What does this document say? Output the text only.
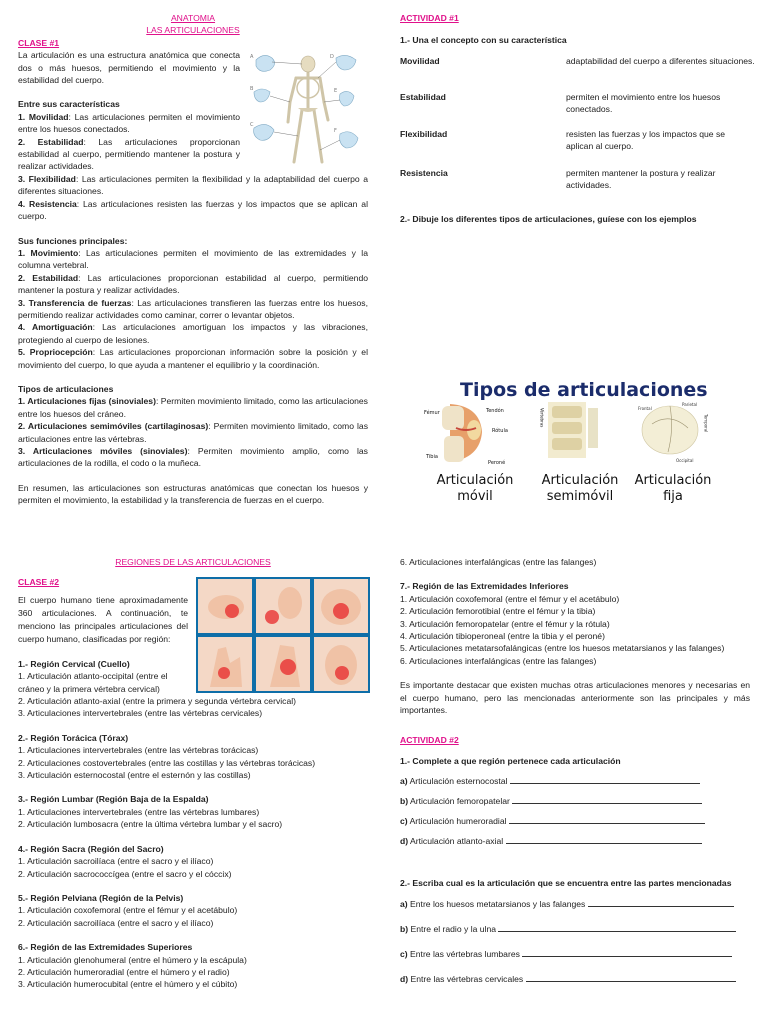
ANATOMIA
LAS ARTICULACIONES
CLASE #1

La articulación es una estructura anatómica que conecta dos o más huesos, permitiendo el movimiento y la estabilidad del cuerpo.

Entre sus características

1. Movilidad: Las articulaciones permiten el movimiento entre los huesos conectados.

2. Estabilidad: Las articulaciones proporcionan estabilidad al cuerpo, permitiendo mantener la postura y realizar actividades.

3. Flexibilidad: Las articulaciones permiten la flexibilidad y la adaptabilidad del cuerpo a diferentes situaciones.

4. Resistencia: Las articulaciones resisten las fuerzas y los impactos que se aplican al cuerpo.

Sus funciones principales:

1. Movimiento: Las articulaciones permiten el movimiento de las extremidades y la columna vertebral.

2. Estabilidad: Las articulaciones proporcionan estabilidad al cuerpo, permitiendo mantener la postura y realizar actividades.

3. Transferencia de fuerzas: Las articulaciones transfieren las fuerzas entre los huesos, permitiendo realizar actividades como caminar, correr o levantar objetos.

4. Amortiguación: Las articulaciones amortiguan los impactos y las vibraciones, protegiendo al cuerpo de lesiones.

5. Propriocepción: Las articulaciones proporcionan información sobre la posición y el movimiento del cuerpo, lo que ayuda a mantener el equilibrio y la coordinación.

Tipos de articulaciones

1. Articulaciones fijas (sinoviales): Permiten movimiento limitado, como las articulaciones entre los huesos del cráneo.

2. Articulaciones semimóviles (cartilaginosas): Permiten movimiento limitado, como las articulaciones entre las vértebras.

3. Articulaciones móviles (sinoviales): Permiten movimiento amplio, como las articulaciones de la rodilla, el codo o la muñeca.

En resumen, las articulaciones son estructuras anatómicas que conectan los huesos y permiten el movimiento, la estabilidad y la transferencia de fuerzas en el cuerpo.

A	D
B	E
C
F
ACTIVIDAD #1
1.- Una el concepto con su característica
Movilidad	adaptabilidad del cuerpo a diferentes situaciones.
Estabilidad	permiten el movimiento entre los huesos conectados.
Flexibilidad	resisten las fuerzas y los impactos que se aplican al cuerpo.
Resistencia	permiten mantener la postura y realizar actividades.
2.- Dibuje los diferentes tipos de articulaciones, guíese con los ejemplos
Tipos de articulaciones
Fémur	Tendón
Rótula
Tibia
Peroné
Vértebras	Frontal
Parietal
Temporal
Occipital
Articulación
móvil
Articulación
semimóvil
Articulación
fija
REGIONES DE LAS ARTICULACIONES
CLASE #2

El cuerpo humano tiene aproximadamente 360 articulaciones. A continuación, te menciono las principales articulaciones del cuerpo humano, clasificadas por región:

1.- Región Cervical (Cuello)

1. Articulación atlanto-occipital (entre el cráneo y la primera vértebra cervical)

2. Articulación atlanto-axial (entre la primera y segunda vértebra cervical)

3. Articulaciones intervertebrales (entre las vértebras cervicales)

2.- Región Torácica (Tórax)

1. Articulaciones intervertebrales (entre las vértebras torácicas)

2. Articulaciones costovertebrales (entre las costillas y las vértebras torácicas)

3. Articulación esternocostal (entre el esternón y las costillas)

3.- Región Lumbar (Región Baja de la Espalda)

1. Articulaciones intervertebrales (entre las vértebras lumbares)

2. Articulación lumbosacra (entre la última vértebra lumbar y el sacro)

4.- Región Sacra (Región del Sacro)

1. Articulación sacroilíaca (entre el sacro y el ilíaco)

2. Articulación sacrococcígea (entre el sacro y el cóccix)

5.- Región Pelviana (Región de la Pelvis)

1. Articulación coxofemoral (entre el fémur y el acetábulo)

2. Articulación sacroilíaca (entre el sacro y el ilíaco)

6.- Región de las Extremidades Superiores

1. Articulación glenohumeral (entre el húmero y la escápula)

2. Articulación humeroradial (entre el húmero y el radio)

3. Articulación humerocubital (entre el húmero y el cúbito)

6. Articulaciones interfalángicas (entre las falanges)

7.- Región de las Extremidades Inferiores

1. Articulación coxofemoral (entre el fémur y el acetábulo)

2. Articulación femorotibial (entre el fémur y la tibia)

3. Articulación femoropatelar (entre el fémur y la rótula)

4. Articulación tibioperoneal (entre la tibia y el peroné)

5. Articulaciones metatarsofalángicas (entre los huesos metatarsianos y las falanges)

6. Articulaciones interfalángicas (entre las falanges)

Es importante destacar que existen muchas otras articulaciones menores y necesarias en el cuerpo humano, pero las mencionadas anteriormente son las principales y más importantes.

ACTIVIDAD #2
1.- Complete a que región pertenece cada articulación
a) Articulación esternocostal
b) Articulación femoropatelar
c) Articulación humeroradial
d) Articulación atlanto-axial
2.- Escriba cual es la articulación que se encuentra entre las partes mencionadas
a) Entre los huesos metatarsianos y las falanges
b) Entre el radio y la ulna
c) Entre las vértebras lumbares
d) Entre las vértebras cervicales
